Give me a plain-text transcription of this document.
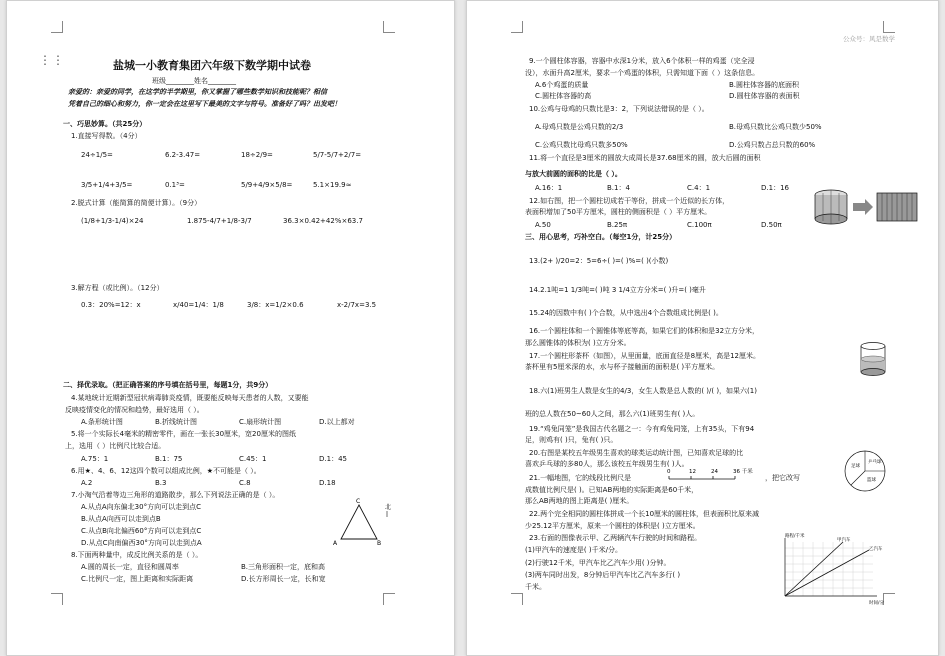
⋮⋮	盐城一小教育集团六年级下数学期中试卷
班级________姓名________
亲爱的：亲爱的同学，在这学的半学期里，你又掌握了哪些数学知识和技能呢？相信
凭着自己的细心和努力，你一定会在这里写下最美的文字与符号。准备好了吗？出发吧！
一、巧思妙算。（共25分）
1.直接写得数。（4分）
24÷1/5=	6.2-3.47=	18÷2/9=	5/7-5/7+2/7=
3/5+1/4+3/5=	0.1³=	5/9+4/9×5/8=	5.1×19.9≈
2.脱式计算（能简算的简便计算）。（9分）
(1/8+1/3-1/4)×24	1.875-4/7+1/8-3/7	36.3×0.42+42%×63.7
3.解方程（或比例）。（12分）
0.3：20%=12：x	x/40=1/4：1/8	3/8：x=1/2×0.6	x-2/7x=3.5
二、择优录取。（把正确答案的序号填在括号里，每题1分，共9分）
4.某地统计近期新型冠状病毒肺炎疫情，既要能反映每天患者的人数，又要能
反映疫情变化的情况和趋势，最好选用（ ）。
A.条形统计图	B.折线统计图	C.扇形统计图	D.以上都对
5.将一个实际长4毫米的精密零件，画在一张长30厘米，宽20厘米的图纸
上，选用（ ）比例尺比较合适。
A.75：1	B.1：75	C.45：1	D.1：45
6.用★、4、6、12这四个数可以组成比例，★不可能是（ ）。
A.2	B.3	C.8	D.18
7.小淘气沿着等边三角形的道路散步，那么下列说法正确的是（ ）。
A.从点A向东偏北30°方向可以走到点C
B.从点A向西可以走到点B
C.从点B向北偏西60°方向可以走到点C
D.从点C向南偏西30°方向可以走到点A
C
A	B
北
8.下面两种量中，成反比例关系的是（ ）。
A.圆的周长一定，直径和圆周率	B.三角形面积一定，底和高
C.比例尺一定，图上距离和实际距离	D.长方形周长一定，长和宽
公众号：风是数学
9.一个圆柱体容器，容器中水深1分米，放入6个体积一样的鸡蛋（完全浸
没），水面升高2厘米，要求一个鸡蛋的体积，只需知道下面（ ）这条信息。
A.6个鸡蛋的质量	B.圆柱体容器的底面积
C.圆柱体容器的高	D.圆柱体容器的表面积
10.公鸡与母鸡的只数比是3：2，下列说法错误的是（ ）。
A.母鸡只数是公鸡只数的2/3	B.母鸡只数比公鸡只数少50%
C.公鸡只数比母鸡只数多50%	D.公鸡只数占总只数的60%
11.将一个直径是3厘米的圆放大成周长是37.68厘米的圆，放大后圆的面积
与放大前圆的面积的比是（ ）。
A.16：1	B.1：4	C.4：1	D.1：16
12.如右图，把一个圆柱切成若干等份，拼成一个近似的长方体，
表面积增加了50平方厘米，圆柱的侧面积是（ ）平方厘米。
A.50	B.25π	C.100π	D.50π
三、用心思考，巧补空白。（每空1分，计25分）
13.(2+ )/20=2：5=6÷( )=( )%=( )(小数)
14.2.1吨=1 1/3吨=( )吨 3 1/4立方分米=( )升=( )毫升
15.24的因数中有( )个合数，从中选出4个合数组成比例是( )。
16.一个圆柱体和一个圆锥体等底等高，如果它们的体积和是32立方分米，
那么圆锥体的体积为( )立方分米。
17.一个圆柱形茶杯（如图），从里面量，底面直径是8厘米，高是12厘米。
茶杯里有5厘米深的水，水与杯子接触面的面积是( )平方厘米。
18.六(1)班男生人数是女生的4/3，女生人数是总人数的( )/( )，如果六(1)
班的总人数在50~60人之间，那么六(1)班男生有( )人。
19.“鸡兔同笼”是我国古代名题之一：今有鸡兔同笼，上有35头，下有94
足，则鸡有( )只，兔有( )只。
20.右图是某校五年级男生喜欢的球类运动统计图，已知喜欢足球的比
喜欢乒乓球的多80人，那么该校五年级男生有( )人。	足球
乒乓球
篮球
21.一幅地图，它的线段比例尺是
0	12	24	36 千米
，把它改写
成数值比例尺是( )。已知AB两地的实际距离是60千米，
那么AB两地的图上距离是( )厘米。
22.两个完全相同的圆柱体拼成一个长10厘米的圆柱体，但表面积比原来减
少25.12平方厘米，原来一个圆柱的体积是( )立方厘米。
23.右面的图像表示甲、乙两辆汽车行驶的时间和路程。
(1)甲汽车的速度是( )千米/分。
(2)行驶12千米，甲汽车比乙汽车少用( )分钟。
(3)两车同时出发，8分钟后甲汽车比乙汽车多行( )
千米。
路程/千米
时间/分
甲汽车
乙汽车
